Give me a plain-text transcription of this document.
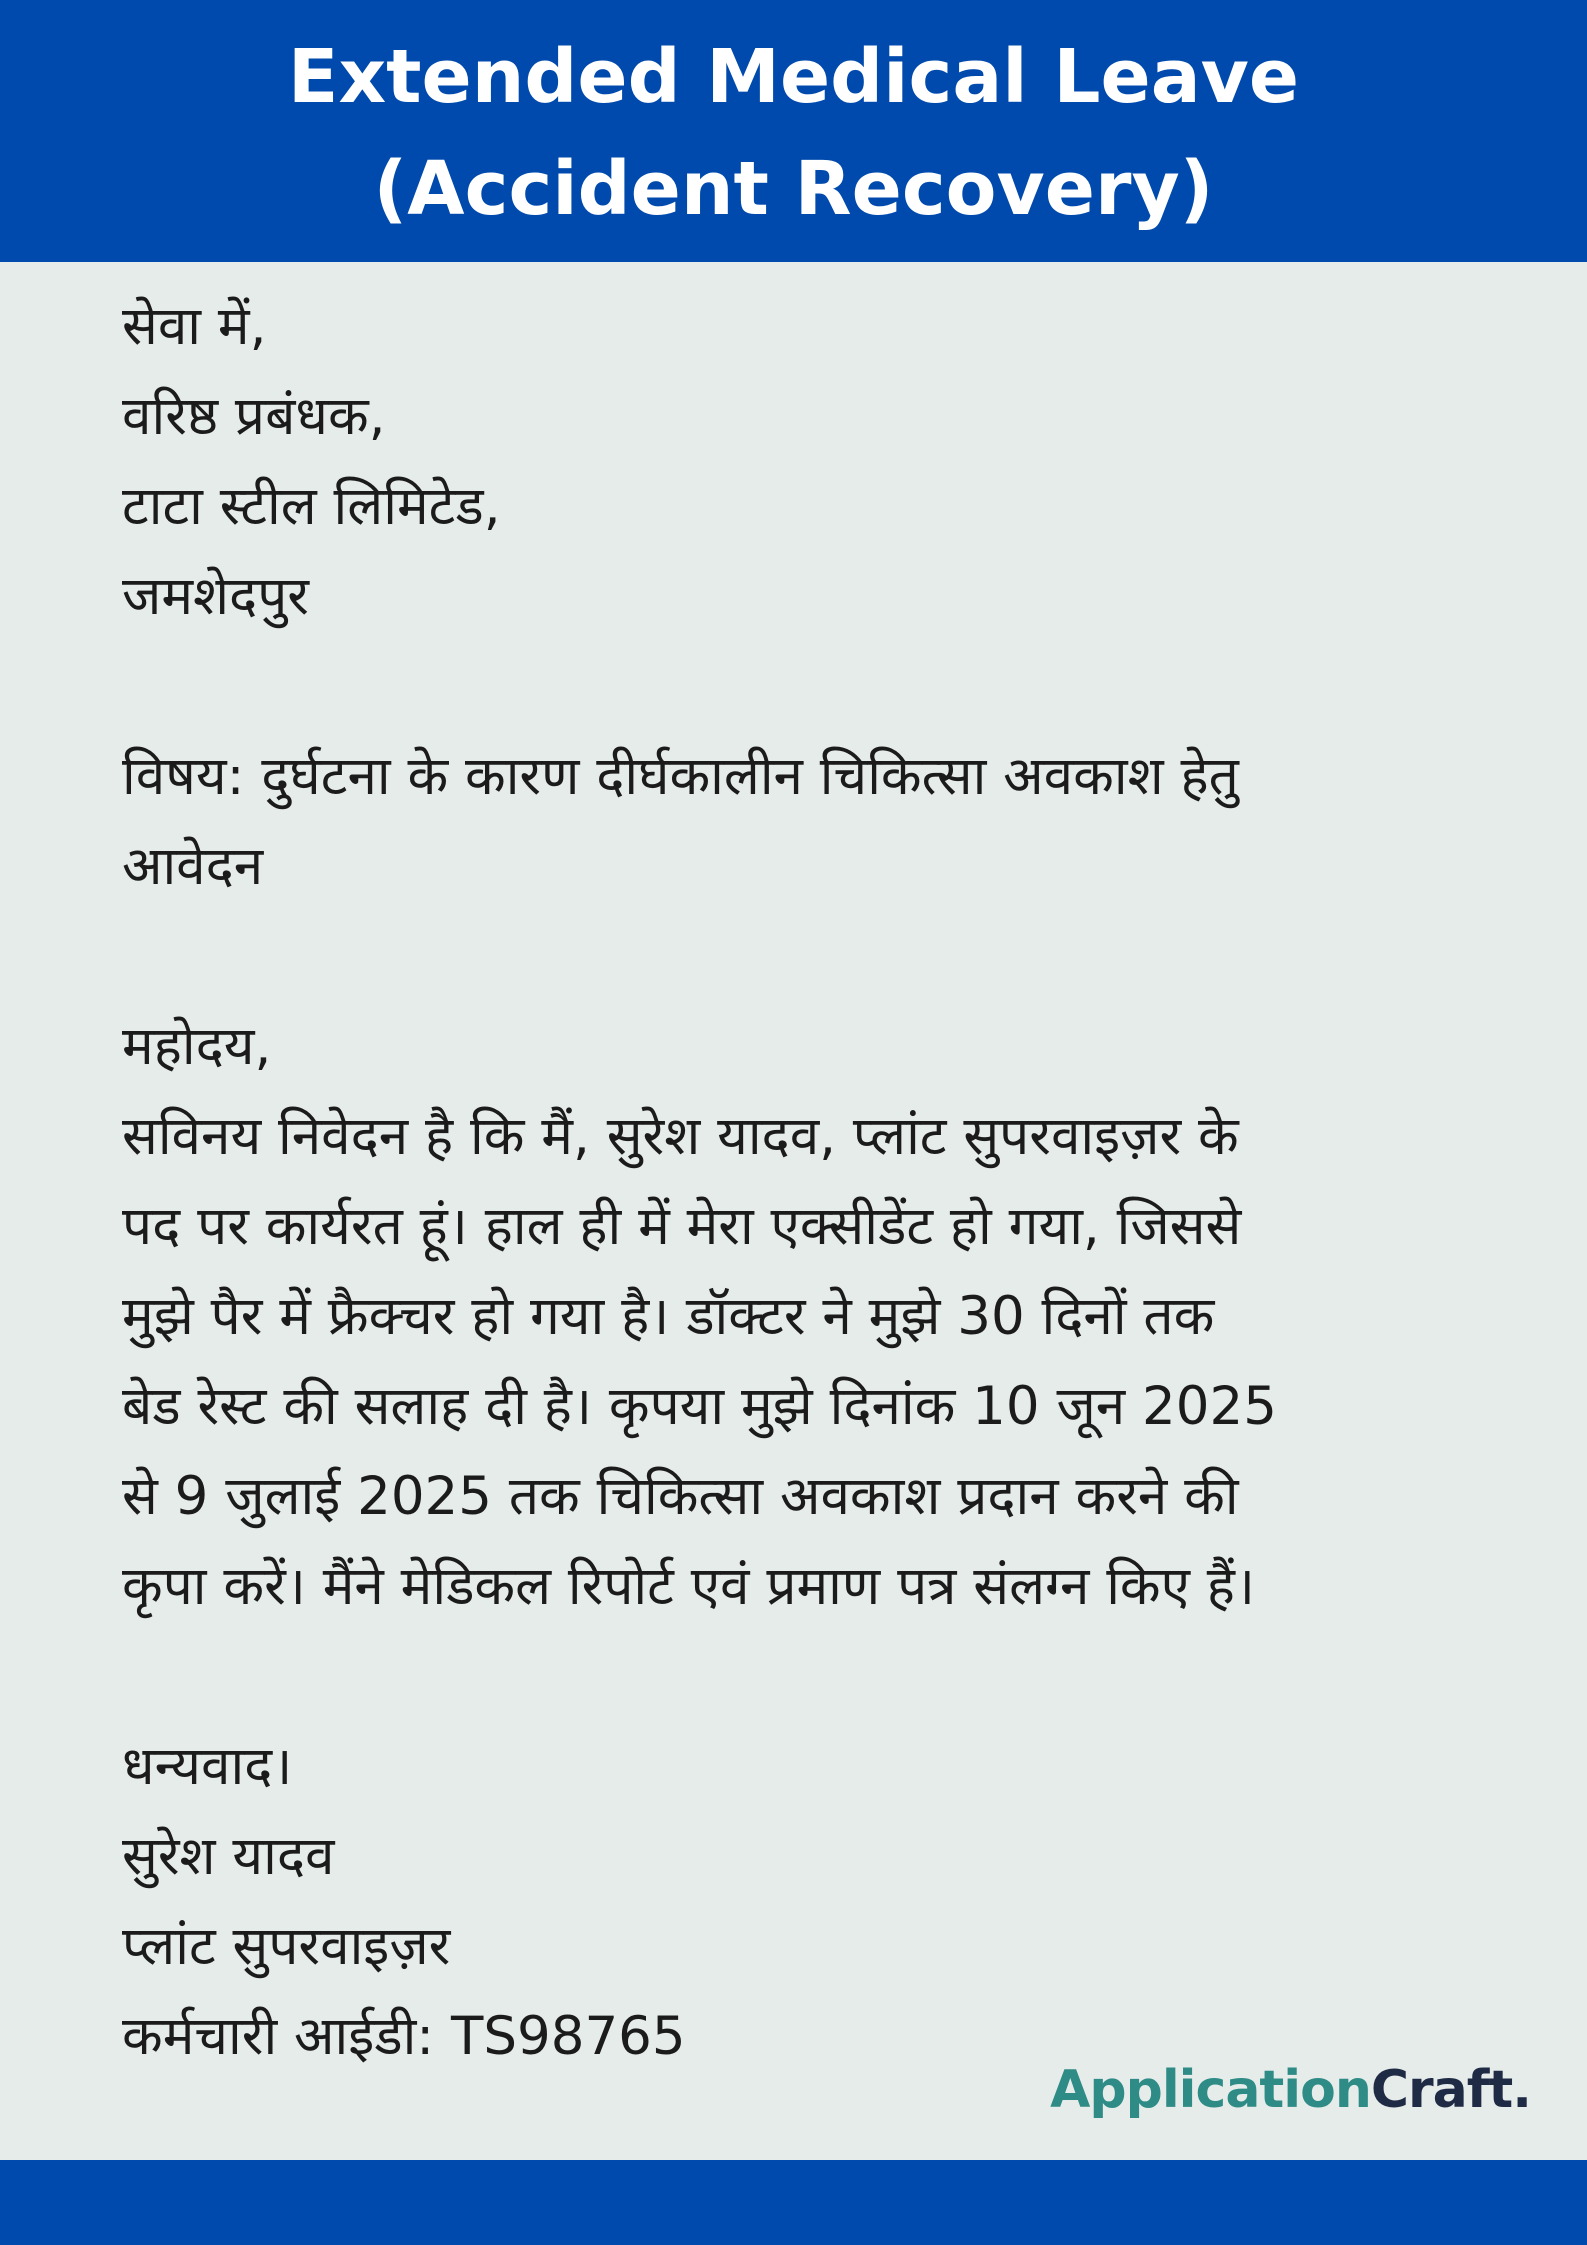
Extended Medical Leave
(Accident Recovery)
सेवा में,
वरिष्ठ प्रबंधक,
टाटा स्टील लिमिटेड,
जमशेदपुर
विषय: दुर्घटना के कारण दीर्घकालीन चिकित्सा अवकाश हेतु
आवेदन
महोदय,
सविनय निवेदन है कि मैं, सुरेश यादव, प्लांट सुपरवाइज़र के
पद पर कार्यरत हूं। हाल ही में मेरा एक्सीडेंट हो गया, जिससे
मुझे पैर में फ्रैक्चर हो गया है। डॉक्टर ने मुझे 30 दिनों तक
बेड रेस्ट की सलाह दी है। कृपया मुझे दिनांक 10 जून 2025
से 9 जुलाई 2025 तक चिकित्सा अवकाश प्रदान करने की
कृपा करें। मैंने मेडिकल रिपोर्ट एवं प्रमाण पत्र संलग्न किए हैं।
धन्यवाद।
सुरेश यादव
प्लांट सुपरवाइज़र
कर्मचारी आईडी: TS98765
ApplicationCraft.
